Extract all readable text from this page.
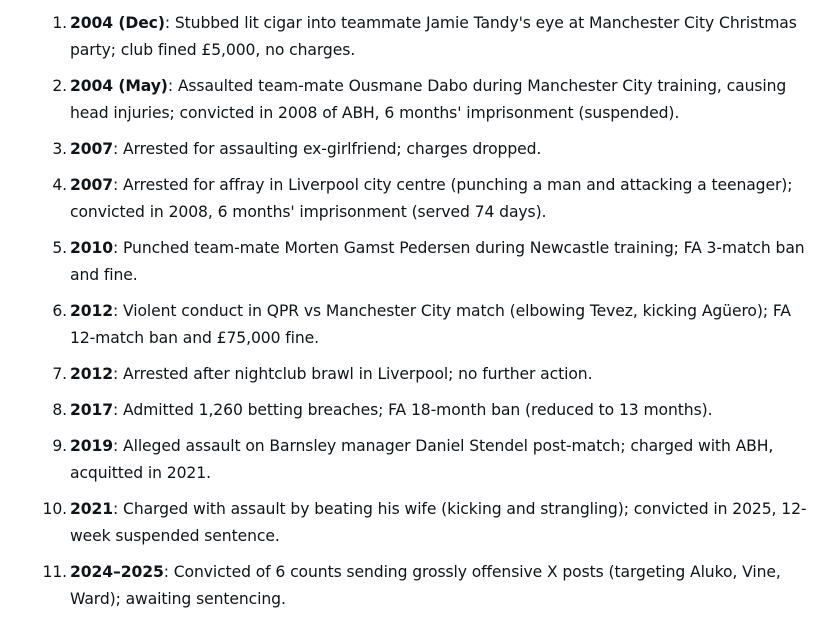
1. 2004 (Dec): Stubbed lit cigar into teammate Jamie Tandy's eye at Manchester City Christmas party; club fined £5,000, no charges.
2. 2004 (May): Assaulted team-mate Ousmane Dabo during Manchester City training, causing head injuries; convicted in 2008 of ABH, 6 months' imprisonment (suspended).
3. 2007: Arrested for assaulting ex-girlfriend; charges dropped.
4. 2007: Arrested for affray in Liverpool city centre (punching a man and attacking a teenager); convicted in 2008, 6 months' imprisonment (served 74 days).
5. 2010: Punched team-mate Morten Gamst Pedersen during Newcastle training; FA 3-match ban and fine.
6. 2012: Violent conduct in QPR vs Manchester City match (elbowing Tevez, kicking Agüero); FA 12-match ban and £75,000 fine.
7. 2012: Arrested after nightclub brawl in Liverpool; no further action.
8. 2017: Admitted 1,260 betting breaches; FA 18-month ban (reduced to 13 months).
9. 2019: Alleged assault on Barnsley manager Daniel Stendel post-match; charged with ABH, acquitted in 2021.
10. 2021: Charged with assault by beating his wife (kicking and strangling); convicted in 2025, 12-week suspended sentence.
11. 2024–2025: Convicted of 6 counts sending grossly offensive X posts (targeting Aluko, Vine, Ward); awaiting sentencing.
